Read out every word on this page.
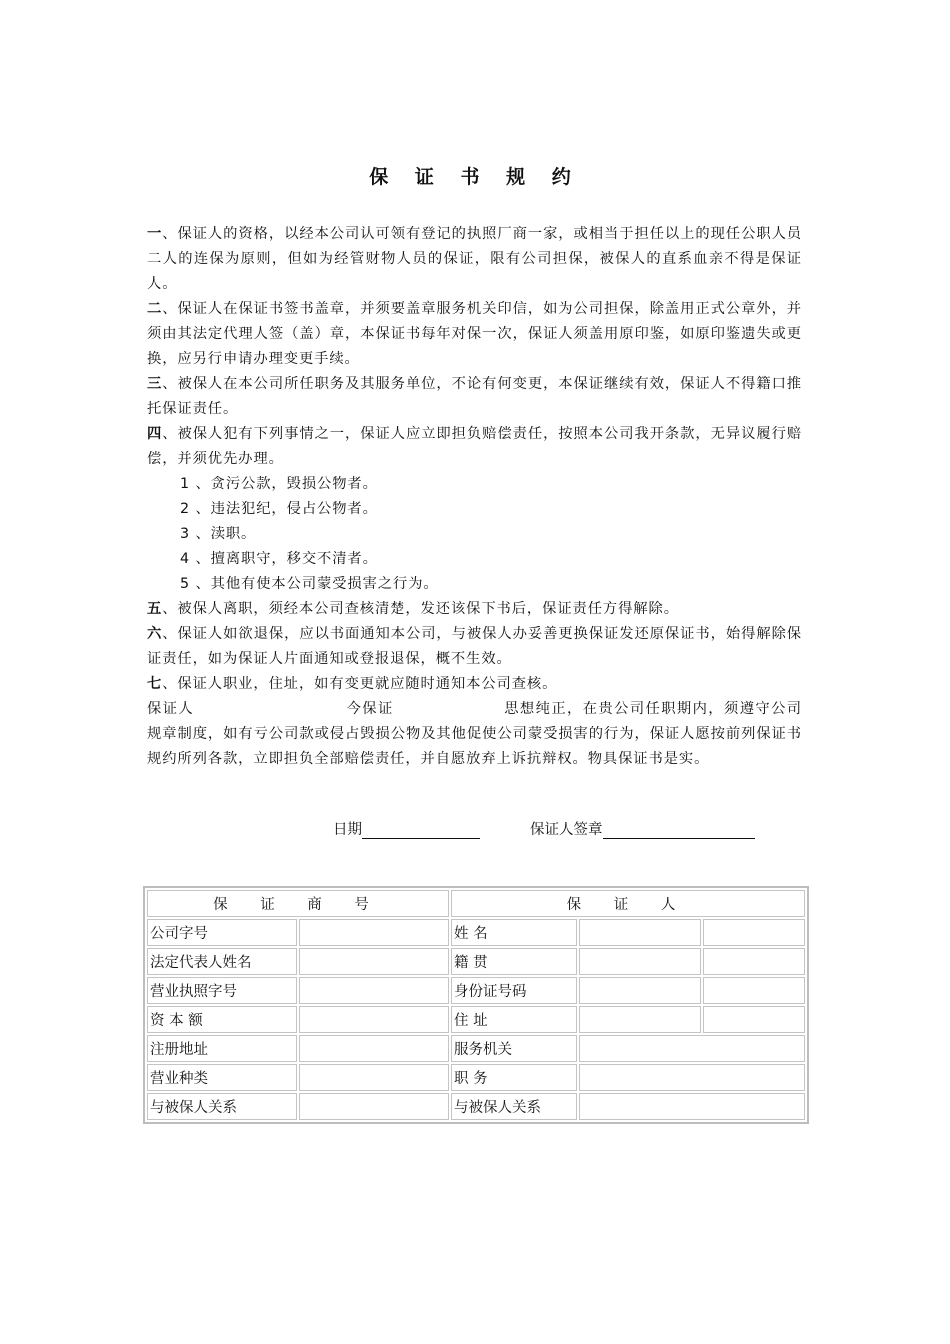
保 证 书 规 约

一、保证人的资格，以经本公司认可领有登记的执照厂商一家，或相当于担任以上的现任公职人员二人的连保为原则，但如为经管财物人员的保证，限有公司担保，被保人的直系血亲不得是保证人。

二、保证人在保证书签书盖章，并须要盖章服务机关印信，如为公司担保，除盖用正式公章外，并须由其法定代理人签（盖）章，本保证书每年对保一次，保证人须盖用原印鉴，如原印鉴遗失或更换，应另行申请办理变更手续。

三、被保人在本公司所任职务及其服务单位，不论有何变更，本保证继续有效，保证人不得籍口推托保证责任。

四、被保人犯有下列事情之一，保证人应立即担负赔偿责任，按照本公司我开条款，无异议履行赔偿，并须优先办理。

1 、贪污公款，毁损公物者。

2 、违法犯纪，侵占公物者。

3 、渎职。

4 、擅离职守，移交不清者。

5 、其他有使本公司蒙受损害之行为。

五、被保人离职，须经本公司查核清楚，发还该保下书后，保证责任方得解除。

六、保证人如欲退保，应以书面通知本公司，与被保人办妥善更换保证发还原保证书，始得解除保证责任，如为保证人片面通知或登报退保，概不生效。

七、保证人职业，住址，如有变更就应随时通知本公司查核。

保证人	今保证	思想纯正，在贵公司任职期内，须遵守公司规章制度，如有亏公司款或侵占毁损公物及其他促使公司蒙受损害的行为，保证人愿按前列保证书规约所列各款，立即担负全部赔偿责任，并自愿放弃上诉抗辩权。物具保证书是实。

日期	保证人签章
保 证 商 号		保 证 人		
公司字号		姓 名		
法定代表人姓名		籍 贯		
营业执照字号		身份证号码		
资 本 额		住 址		
注册地址		服务机关		
营业种类		职 务		
与被保人关系		与被保人关系		
